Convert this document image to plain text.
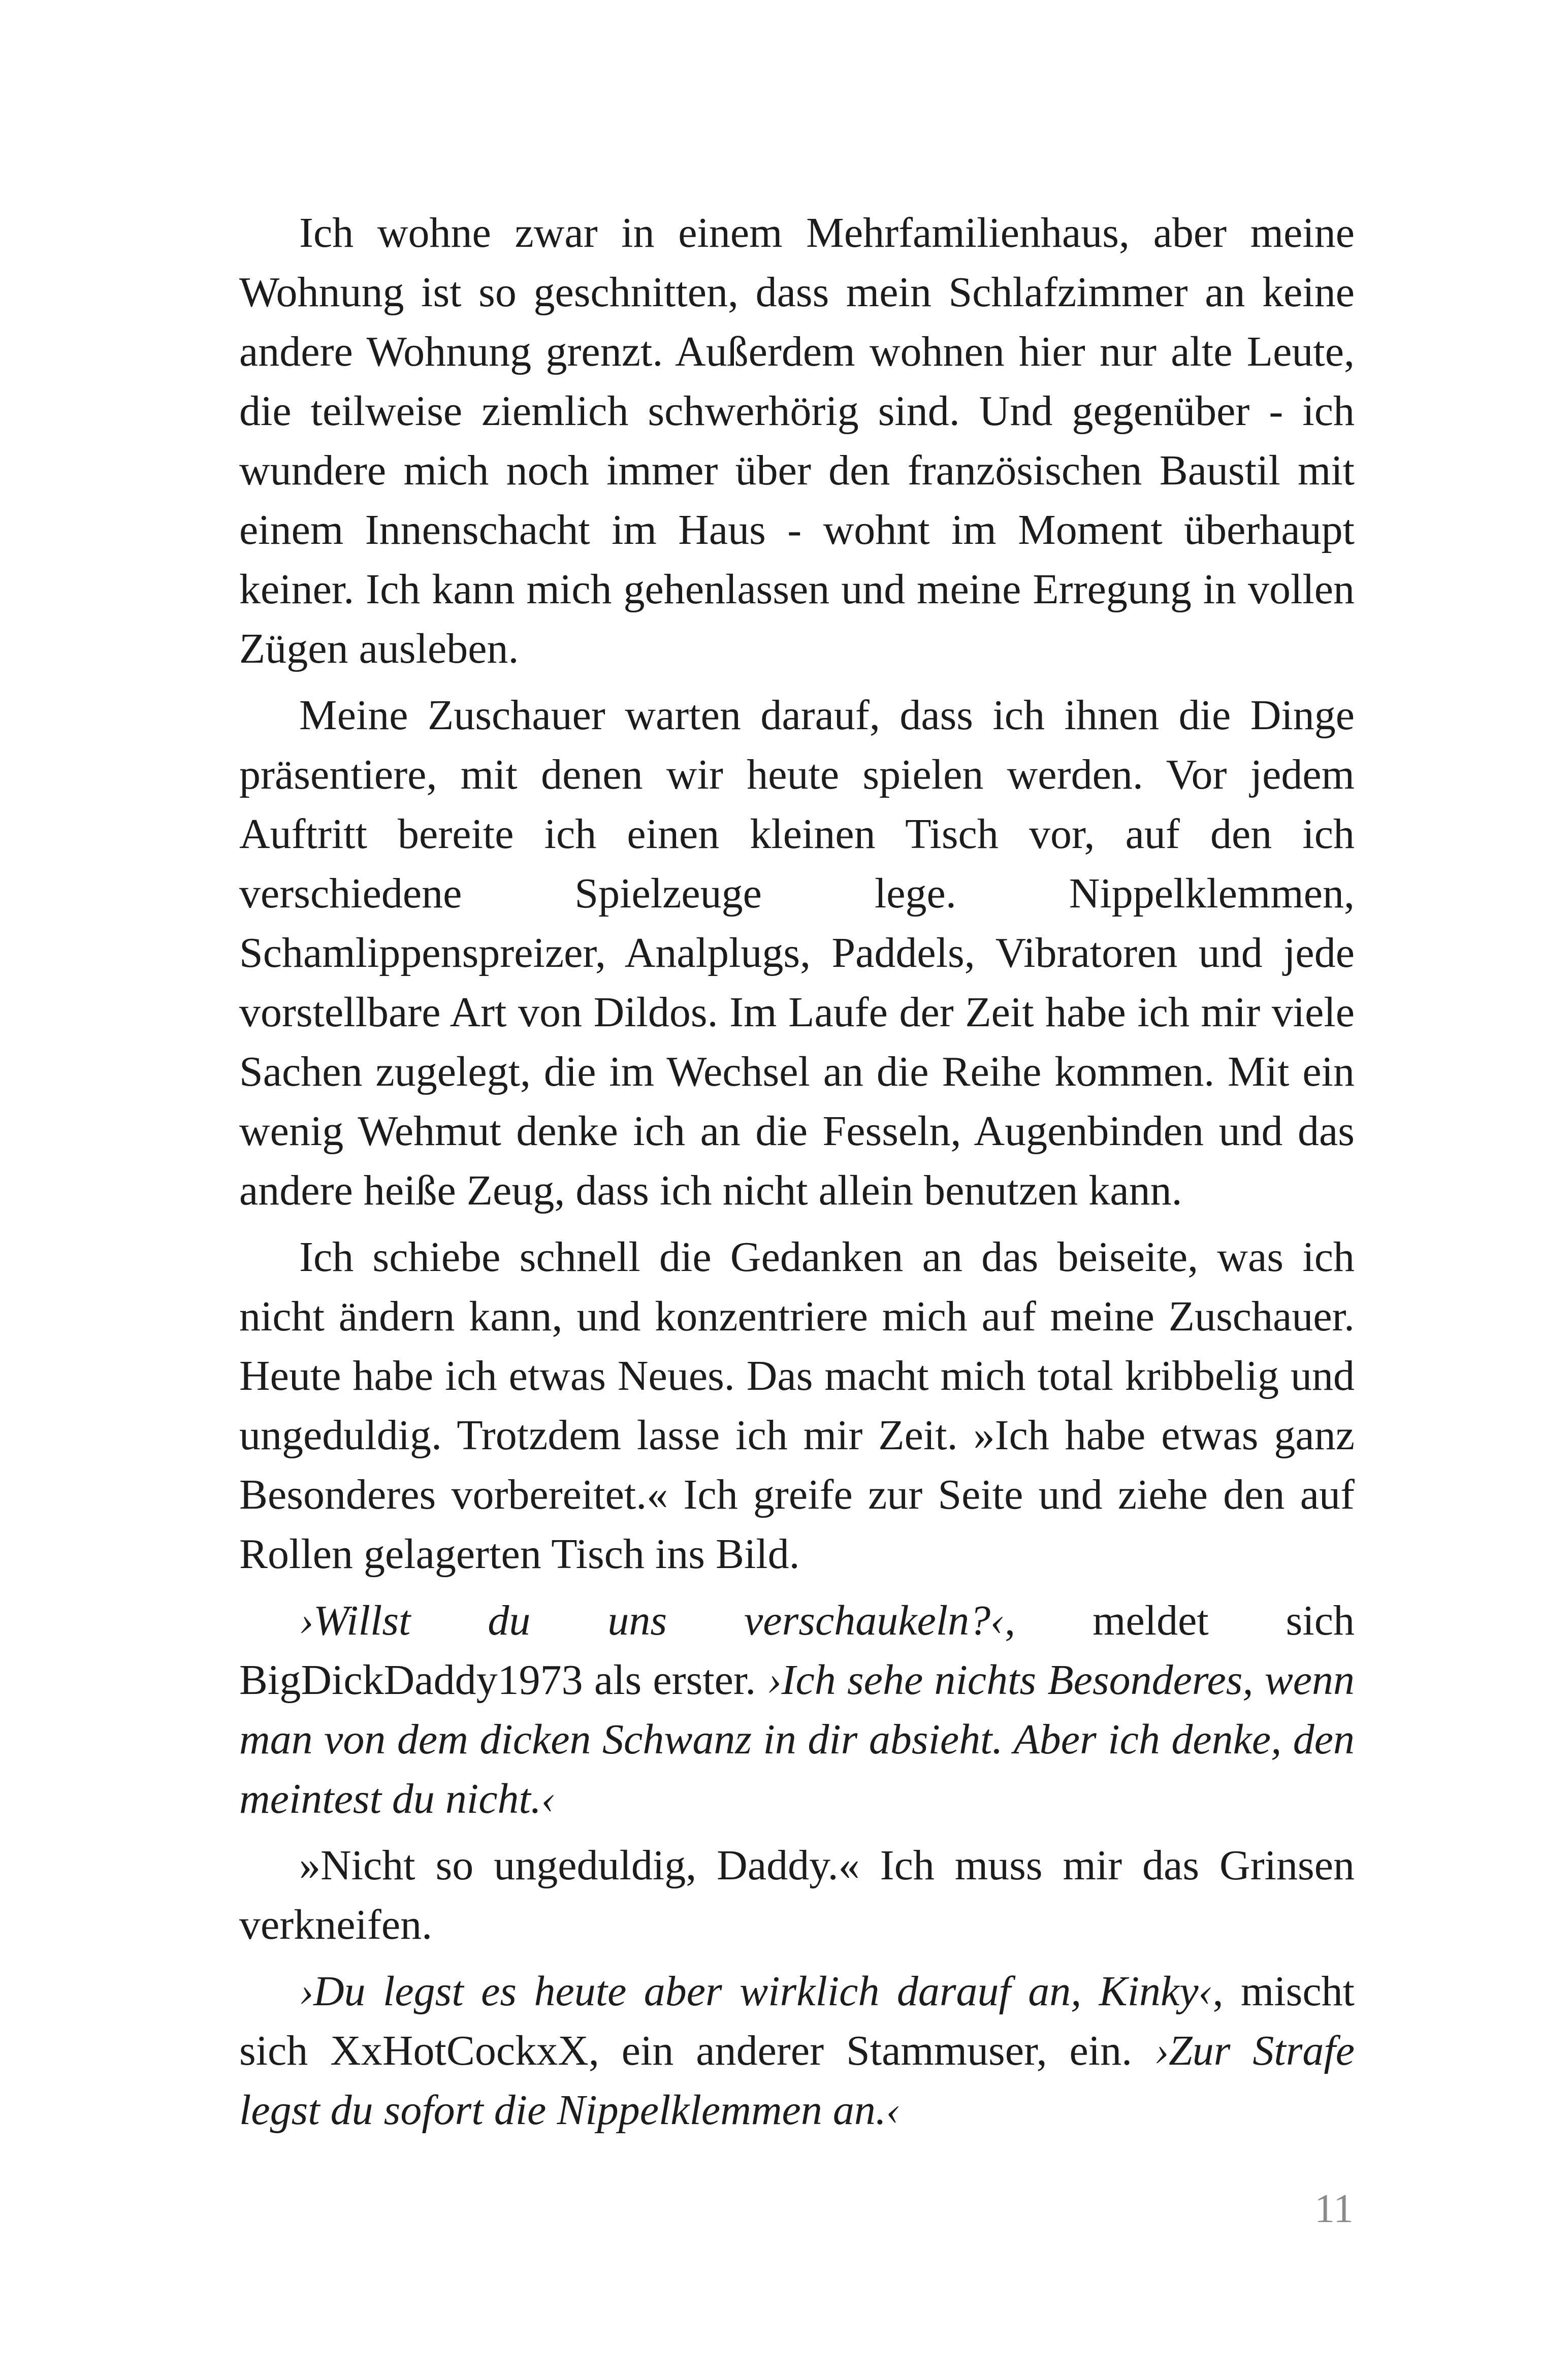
Ich wohne zwar in einem Mehrfamilienhaus, aber meine Wohnung ist so geschnitten, dass mein Schlafzimmer an keine andere Wohnung grenzt. Außerdem wohnen hier nur alte Leute, die teilweise ziemlich schwerhörig sind. Und gegenüber - ich wundere mich noch immer über den französischen Baustil mit einem Innenschacht im Haus - wohnt im Moment überhaupt keiner. Ich kann mich gehenlassen und meine Erregung in vollen Zügen ausleben.

Meine Zuschauer warten darauf, dass ich ihnen die Dinge präsentiere, mit denen wir heute spielen werden. Vor jedem Auftritt bereite ich einen kleinen Tisch vor, auf den ich verschiedene Spielzeuge lege. Nippelklemmen, Schamlippenspreizer, Analplugs, Paddels, Vibratoren und jede vorstellbare Art von Dildos. Im Laufe der Zeit habe ich mir viele Sachen zugelegt, die im Wechsel an die Reihe kommen. Mit ein wenig Wehmut denke ich an die Fesseln, Augenbinden und das andere heiße Zeug, dass ich nicht allein benutzen kann.

Ich schiebe schnell die Gedanken an das beiseite, was ich nicht ändern kann, und konzentriere mich auf meine Zuschauer. Heute habe ich etwas Neues. Das macht mich total kribbelig und ungeduldig. Trotzdem lasse ich mir Zeit. »Ich habe etwas ganz Besonderes vorbereitet.« Ich greife zur Seite und ziehe den auf Rollen gelagerten Tisch ins Bild.

›Willst du uns verschaukeln?‹, meldet sich BigDickDaddy1973 als erster. ›Ich sehe nichts Besonderes, wenn man von dem dicken Schwanz in dir absieht. Aber ich denke, den meintest du nicht.‹

»Nicht so ungeduldig, Daddy.« Ich muss mir das Grinsen verkneifen.

›Du legst es heute aber wirklich darauf an, Kinky‹, mischt sich XxHotCockxX, ein anderer Stammuser, ein. ›Zur Strafe legst du sofort die Nippelklemmen an.‹

11
